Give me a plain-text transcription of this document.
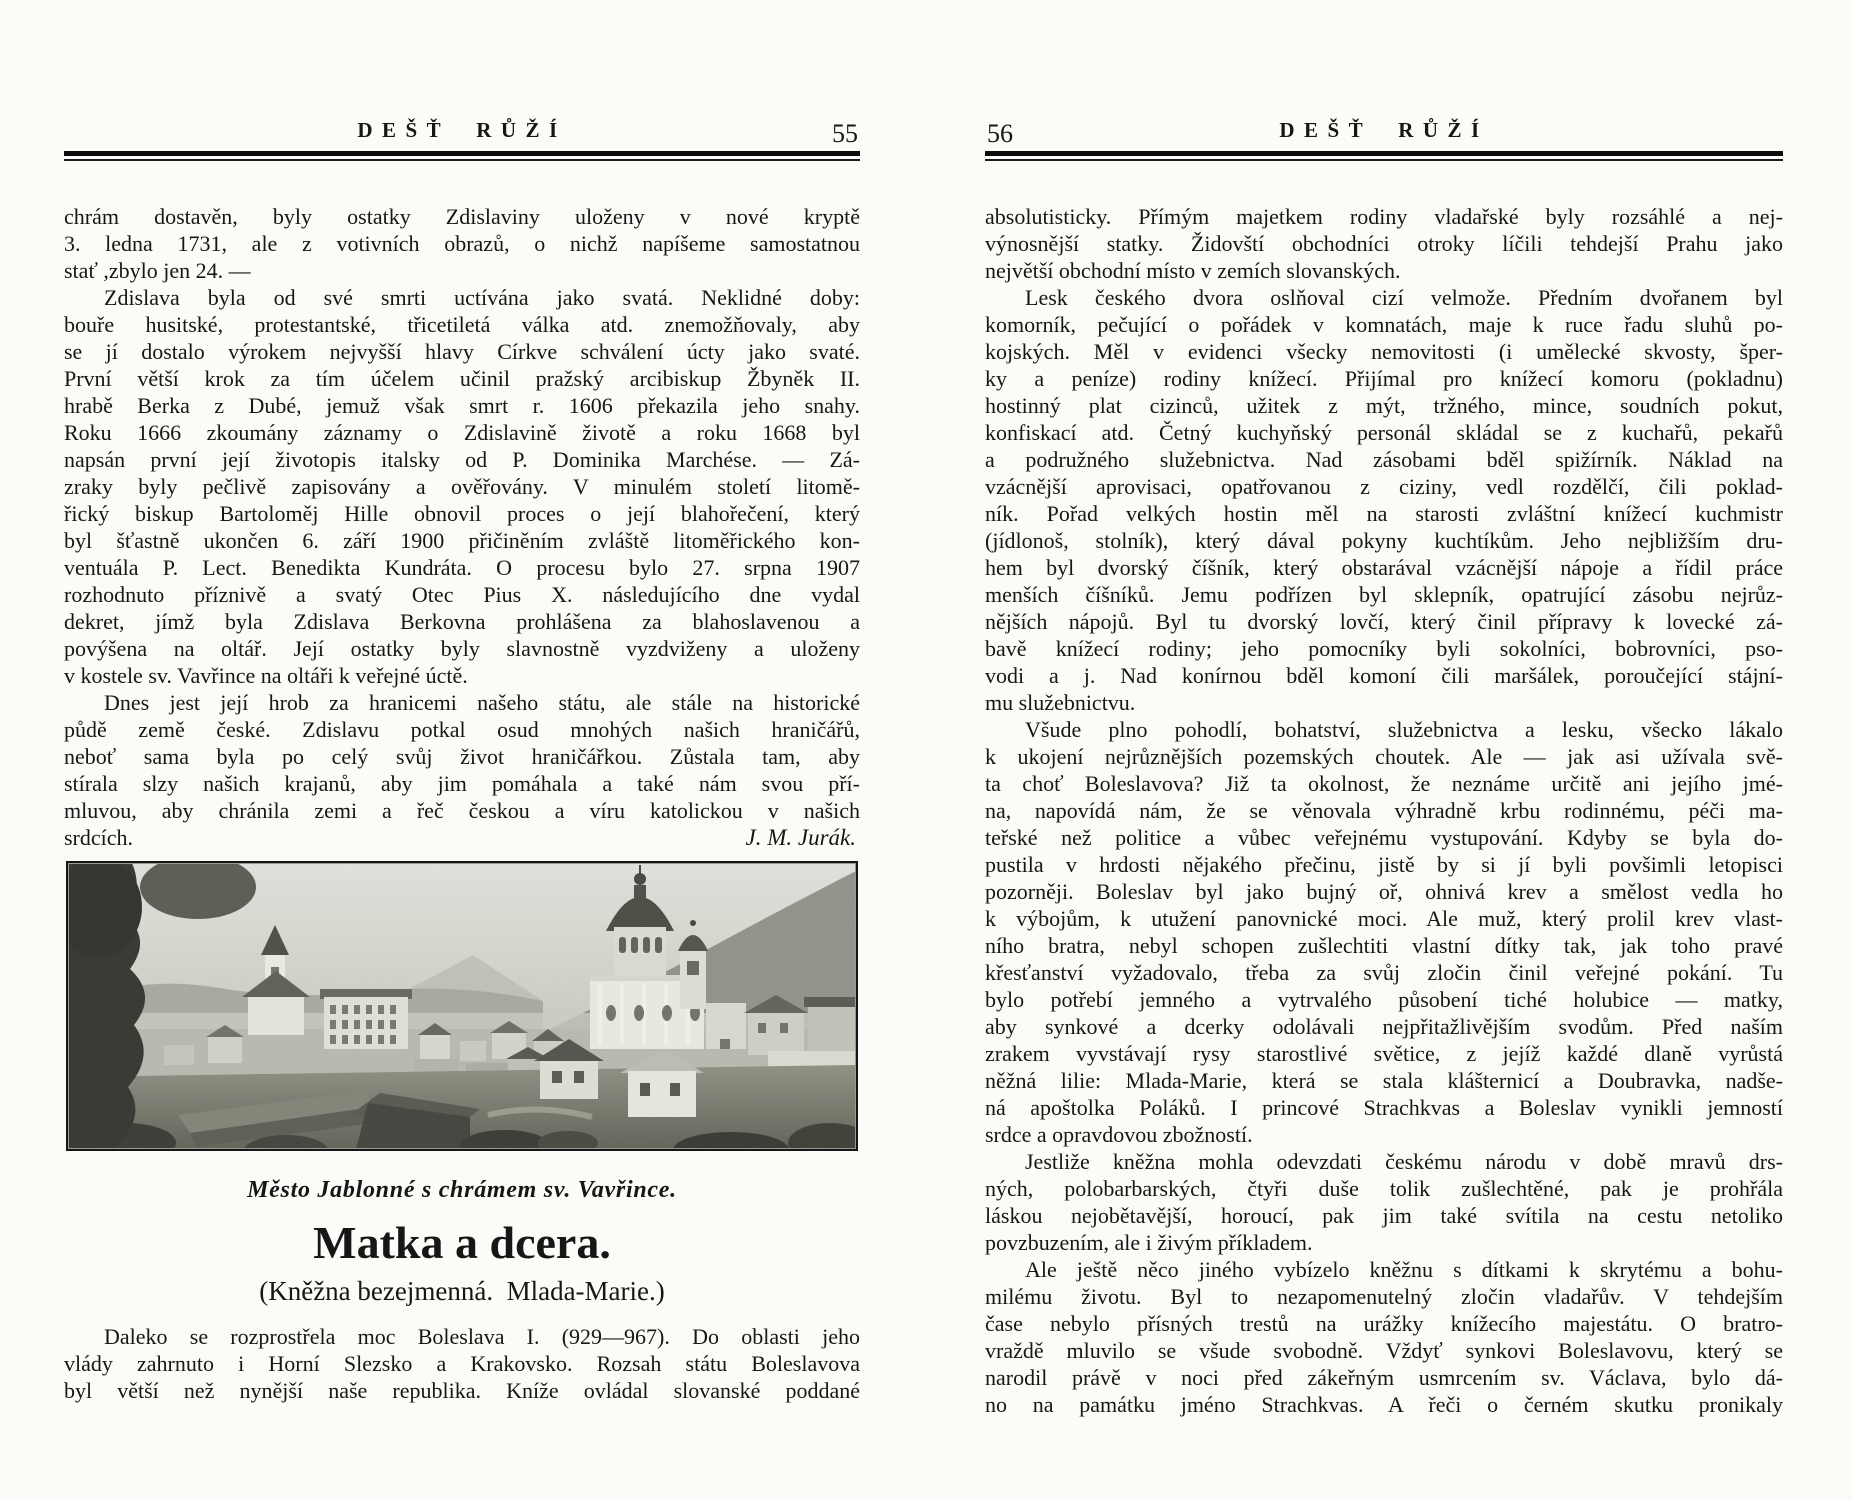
DEŠŤ RŮŽÍ	55
chrám dostavěn, byly ostatky Zdislaviny uloženy v nové kryptě
3. ledna 1731, ale z votivních obrazů, o nichž napíšeme samostatnou
stať ,zbylo jen 24. —
Zdislava byla od své smrti uctívána jako svatá. Neklidné doby:
bouře husitské, protestantské, třicetiletá válka atd. znemožňovaly, aby
se jí dostalo výrokem nejvyšší hlavy Církve schválení úcty jako svaté.
První větší krok za tím účelem učinil pražský arcibiskup Žbyněk II.
hrabě Berka z Dubé, jemuž však smrt r. 1606 překazila jeho snahy.
Roku 1666 zkoumány záznamy o Zdislavině životě a roku 1668 byl
napsán první její životopis italsky od P. Dominika Marchése. — Zá-
zraky byly pečlivě zapisovány a ověřovány. V minulém století litomě-
řický biskup Bartoloměj Hille obnovil proces o její blahořečení, který
byl šťastně ukončen 6. září 1900 přičiněním zvláště litoměřického kon-
ventuála P. Lect. Benedikta Kundráta. O procesu bylo 27. srpna 1907
rozhodnuto příznivě a svatý Otec Pius X. následujícího dne vydal
dekret, jímž byla Zdislava Berkovna prohlášena za blahoslavenou a
povýšena na oltář. Její ostatky byly slavnostně vyzdviženy a uloženy
v kostele sv. Vavřince na oltáři k veřejné úctě.
Dnes jest její hrob za hranicemi našeho státu, ale stále na historické
půdě země české. Zdislavu potkal osud mnohých našich hraničářů,
neboť sama byla po celý svůj život hraničářkou. Zůstala tam, aby
stírala slzy našich krajanů, aby jim pomáhala a také nám svou pří-
mluvou, aby chránila zemi a řeč českou a víru katolickou v našich
srdcích.	J. M. Jurák.
Město Jablonné s chrámem sv. Vavřince.
Matka a dcera.
(Kněžna bezejmenná. Mlada-Marie.)
Daleko se rozprostřela moc Boleslava I. (929—967). Do oblasti jeho
vlády zahrnuto i Horní Slezsko a Krakovsko. Rozsah státu Boleslavova
byl větší než nynější naše republika. Kníže ovládal slovanské poddané
DEŠŤ RŮŽÍ
56
absolutisticky. Přímým majetkem rodiny vladařské byly rozsáhlé a nej-
výnosnější statky. Židovští obchodníci otroky líčili tehdejší Prahu jako
největší obchodní místo v zemích slovanských.
Lesk českého dvora oslňoval cizí velmože. Předním dvořanem byl
komorník, pečující o pořádek v komnatách, maje k ruce řadu sluhů po-
kojských. Měl v evidenci všecky nemovitosti (i umělecké skvosty, šper-
ky a peníze) rodiny knížecí. Přijímal pro knížecí komoru (pokladnu)
hostinný plat cizinců, užitek z mýt, tržného, mince, soudních pokut,
konfiskací atd. Četný kuchyňský personál skládal se z kuchařů, pekařů
a podružného služebnictva. Nad zásobami bděl spižírník. Náklad na
vzácnější aprovisaci, opatřovanou z ciziny, vedl rozdělčí, čili poklad-
ník. Pořad velkých hostin měl na starosti zvláštní knížecí kuchmistr
(jídlonoš, stolník), který dával pokyny kuchtíkům. Jeho nejbližším dru-
hem byl dvorský číšník, který obstarával vzácnější nápoje a řídil práce
menších číšníků. Jemu podřízen byl sklepník, opatrující zásobu nejrůz-
nějších nápojů. Byl tu dvorský lovčí, který činil přípravy k lovecké zá-
bavě knížecí rodiny; jeho pomocníky byli sokolníci, bobrovníci, pso-
vodi a j. Nad konírnou bděl komoní čili maršálek, poroučející stájní-
mu služebnictvu.
Všude plno pohodlí, bohatství, služebnictva a lesku, všecko lákalo
k ukojení nejrůznějších pozemských choutek. Ale — jak asi užívala svě-
ta choť Boleslavova? Již ta okolnost, že neznáme určitě ani jejího jmé-
na, napovídá nám, že se věnovala výhradně krbu rodinnému, péči ma-
teřské než politice a vůbec veřejnému vystupování. Kdyby se byla do-
pustila v hrdosti nějakého přečinu, jistě by si jí byli povšimli letopisci
pozorněji. Boleslav byl jako bujný oř, ohnivá krev a smělost vedla ho
k výbojům, k utužení panovnické moci. Ale muž, který prolil krev vlast-
ního bratra, nebyl schopen zušlechtiti vlastní dítky tak, jak toho pravé
křesťanství vyžadovalo, třeba za svůj zločin činil veřejné pokání. Tu
bylo potřebí jemného a vytrvalého působení tiché holubice — matky,
aby synkové a dcerky odolávali nejpřitažlivějším svodům. Před naším
zrakem vyvstávají rysy starostlivé světice, z jejíž každé dlaně vyrůstá
něžná lilie: Mlada-Marie, která se stala klášternicí a Doubravka, nadše-
ná apoštolka Poláků. I princové Strachkvas a Boleslav vynikli jemností
srdce a opravdovou zbožností.
Jestliže kněžna mohla odevzdati českému národu v době mravů drs-
ných, polobarbarských, čtyři duše tolik zušlechtěné, pak je prohřála
láskou nejobětavější, horoucí, pak jim také svítila na cestu netoliko
povzbuzením, ale i živým příkladem.
Ale ještě něco jiného vybízelo kněžnu s dítkami k skrytému a bohu-
milému životu. Byl to nezapomenutelný zločin vladařův. V tehdejším
čase nebylo přísných trestů na urážky knížecího majestátu. O bratro-
vraždě mluvilo se všude svobodně. Vždyť synkovi Boleslavovu, který se
narodil právě v noci před zákeřným usmrcením sv. Václava, bylo dá-
no na památku jméno Strachkvas. A řeči o černém skutku pronikaly
